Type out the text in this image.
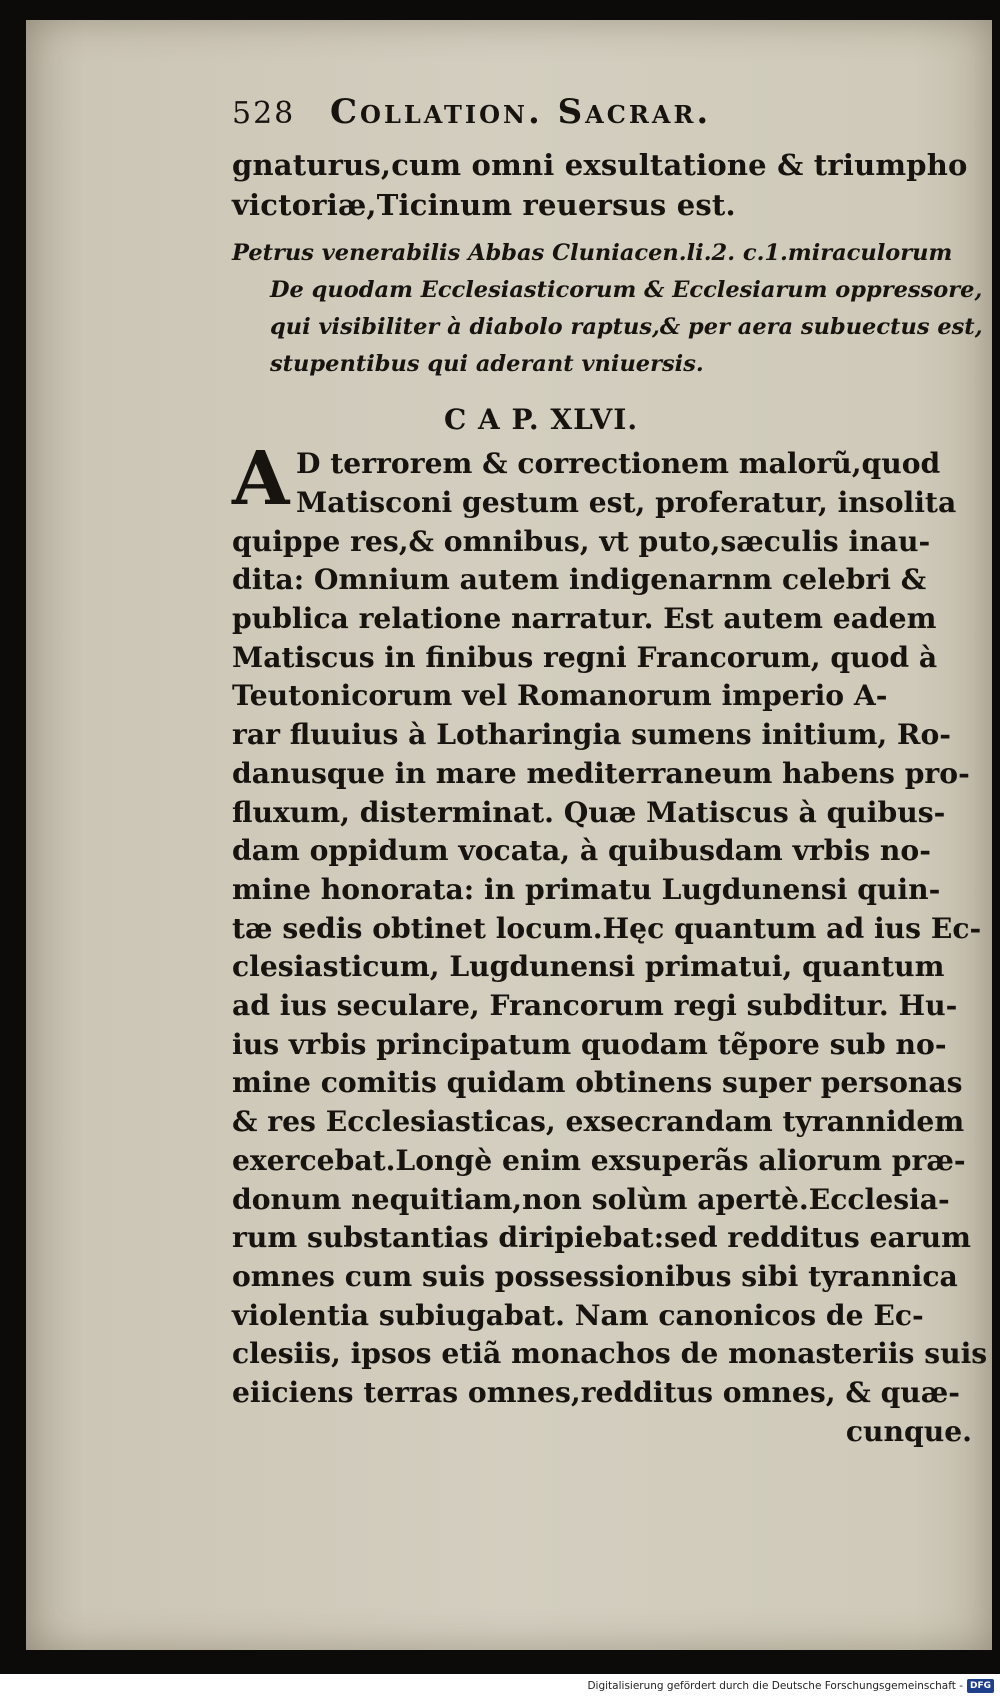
528	Collation. Sacrar.
gnaturus,cum omni exsultatione & triumpho
victoriæ,Ticinum reuersus est.
Petrus venerabilis Abbas Cluniacen.li.2. c.1.miraculorum
De quodam Ecclesiasticorum & Ecclesiarum oppressore,
qui visibiliter à diabolo raptus,& per aera subuectus est,
stupentibus qui aderant vniuersis.
C A P. XLVI.
A D terrorem & correctionem malorũ,quod
Matisconi gestum est, proferatur, insolita
quippe res,& omnibus, vt puto,sæculis inau-
dita: Omnium autem indigenarnm celebri &
publica relatione narratur. Est autem eadem
Matiscus in finibus regni Francorum, quod à
Teutonicorum vel Romanorum imperio A-
rar fluuius à Lotharingia sumens initium, Ro-
danusque in mare mediterraneum habens pro-
fluxum, disterminat. Quæ Matiscus à quibus-
dam oppidum vocata, à quibusdam vrbis no-
mine honorata: in primatu Lugdunensi quin-
tæ sedis obtinet locum.Hęc quantum ad ius Ec-
clesiasticum, Lugdunensi primatui, quantum
ad ius seculare, Francorum regi subditur. Hu-
ius vrbis principatum quodam tẽpore sub no-
mine comitis quidam obtinens super personas
& res Ecclesiasticas, exsecrandam tyrannidem
exercebat.Longè enim exsuperãs aliorum præ-
donum nequitiam,non solùm apertè.Ecclesia-
rum substantias diripiebat:sed redditus earum
omnes cum suis possessionibus sibi tyrannica
violentia subiugabat. Nam canonicos de Ec-
clesiis, ipsos etiã monachos de monasteriis suis
eiiciens terras omnes,redditus omnes, & quæ-
cunque.
Digitalisierung gefördert durch die Deutsche Forschungsgemeinschaft - DFG
